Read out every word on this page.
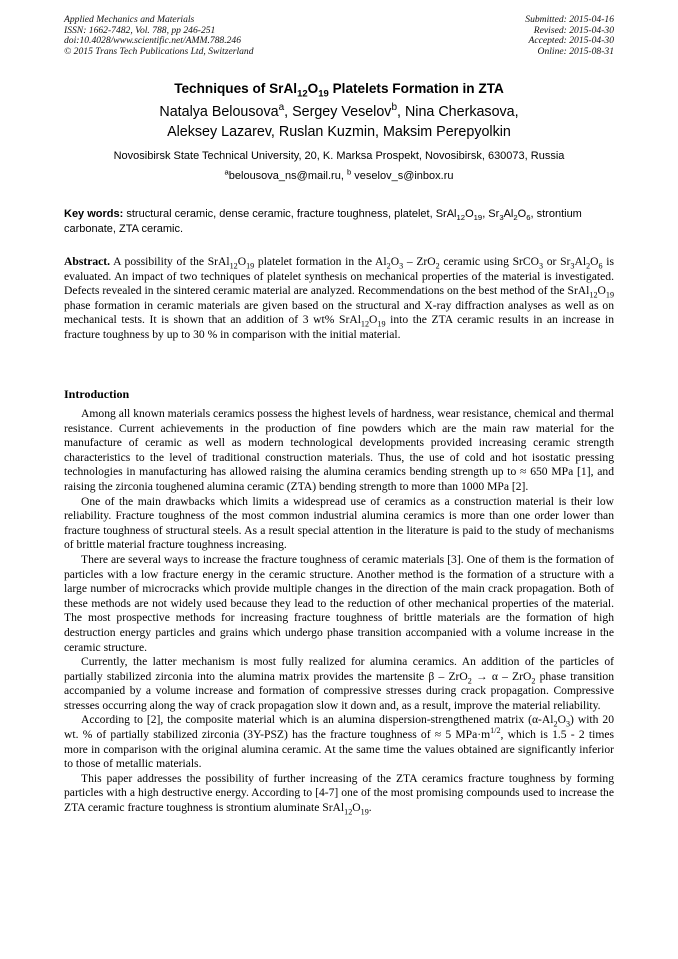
Applied Mechanics and Materials
ISSN: 1662-7482, Vol. 788, pp 246-251
doi:10.4028/www.scientific.net/AMM.788.246
© 2015 Trans Tech Publications Ltd, Switzerland
Submitted: 2015-04-16
Revised: 2015-04-30
Accepted: 2015-04-30
Online: 2015-08-31
Techniques of $SrAl_{12}O_{19}$ Platelets Formation in ZTA
Natalya Belousova$^a$, Sergey Veselov$^b$, Nina Cherkasova,
Aleksey Lazarev, Ruslan Kuzmin, Maksim Perepyolkin
Novosibirsk State Technical University, 20, K. Marksa Prospekt, Novosibirsk, 630073, Russia
$^a$belousova_ns@mail.ru, $^b$ veselov_s@inbox.ru
Key words: structural ceramic, dense ceramic, fracture toughness, platelet, $SrAl_{12}O_{19}$, $Sr_3Al_2O_6$, strontium carbonate, ZTA ceramic.

Abstract. A possibility of the $SrAl_{12}O_{19}$ platelet formation in the $Al_2O_3 - ZrO_2$ ceramic using SrCO$_3$ or $Sr_3Al_2O_6$ is evaluated. An impact of two techniques of platelet synthesis on mechanical properties of the material is investigated. Defects revealed in the sintered ceramic material are analyzed. Recommendations on the best method of the $SrAl_{12}O_{19}$ phase formation in ceramic materials are given based on the structural and X-ray diffraction analyses as well as on mechanical tests. It is shown that an addition of 3 wt% $SrAl_{12}O_{19}$ into the ZTA ceramic results in an increase in fracture toughness by up to 30 % in comparison with the initial material.

Introduction

Among all known materials ceramics possess the highest levels of hardness, wear resistance, chemical and thermal resistance. Current achievements in the production of fine powders which are the main raw material for the manufacture of ceramic as well as modern technological developments provided increasing ceramic strength characteristics to the level of traditional construction materials. Thus, the use of cold and hot isostatic pressing technologies in manufacturing has allowed raising the alumina ceramics bending strength up to ≈ 650 MPa [1], and raising the zirconia toughened alumina ceramic (ZTA) bending strength to more than 1000 MPa [2].

One of the main drawbacks which limits a widespread use of ceramics as a construction material is their low reliability. Fracture toughness of the most common industrial alumina ceramics is more than one order lower than fracture toughness of structural steels. As a result special attention in the literature is paid to the study of mechanisms of brittle material fracture toughness increasing.

There are several ways to increase the fracture toughness of ceramic materials [3]. One of them is the formation of particles with a low fracture energy in the ceramic structure. Another method is the formation of a structure with a large number of microcracks which provide multiple changes in the direction of the main crack propagation. Both of these methods are not widely used because they lead to the reduction of other mechanical properties of the material. The most prospective methods for increasing fracture toughness of brittle materials are the formation of high destruction energy particles and grains which undergo phase transition accompanied with a volume increase in the ceramic structure.

Currently, the latter mechanism is most fully realized for alumina ceramics. An addition of the particles of partially stabilized zirconia into the alumina matrix provides the martensite β – ZrO$_2$ → α – ZrO$_2$ phase transition accompanied by a volume increase and formation of compressive stresses during crack propagation. Compressive stresses occurring along the way of crack propagation slow it down and, as a result, improve the material reliability.

According to [2], the composite material which is an alumina dispersion-strengthened matrix $(\alpha-Al_2O_3)$ with 20 wt. % of partially stabilized zirconia (3Y-PSZ) has the fracture toughness of ≈ 5 $MPa\cdot m^{1/2}$, which is 1.5 - 2 times more in comparison with the original alumina ceramic. At the same time the values obtained are significantly inferior to those of metallic materials.

This paper addresses the possibility of further increasing of the ZTA ceramics fracture toughness by forming particles with a high destructive energy. According to [4-7] one of the most promising compounds used to increase the ZTA ceramic fracture toughness is strontium aluminate $SrAl_{12}O_{19}$.
